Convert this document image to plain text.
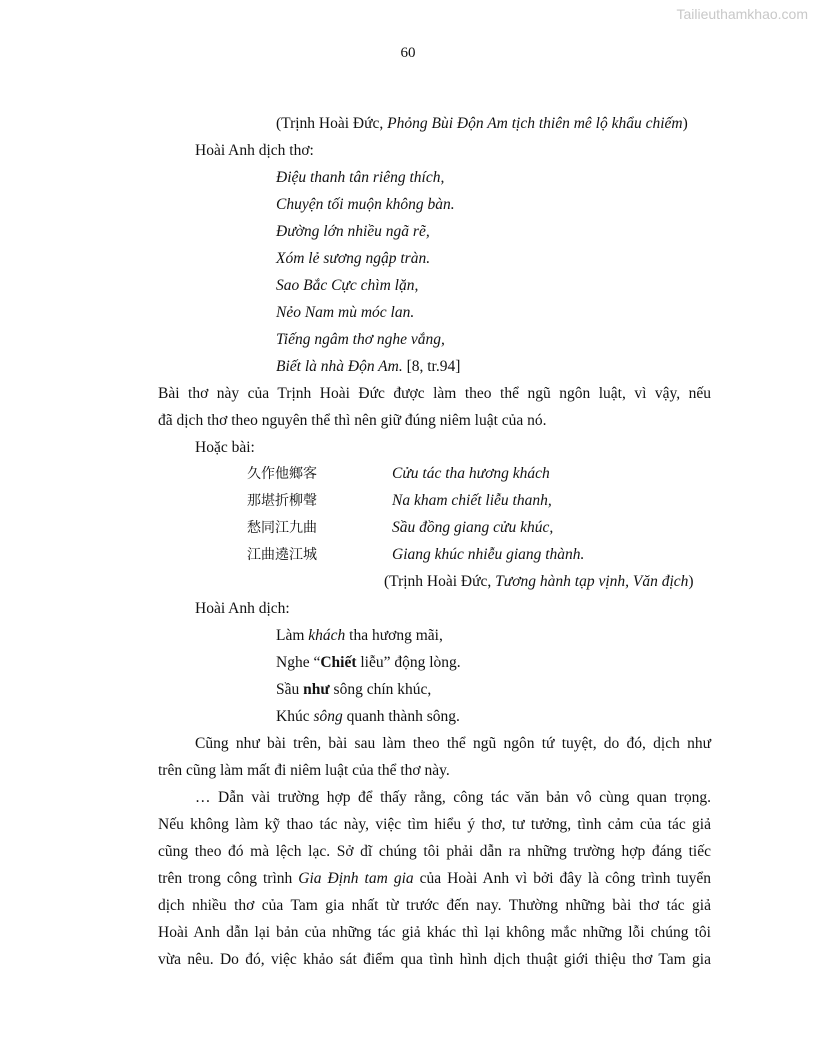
Tailieuthamkhao.com
60
(Trịnh Hoài Đức, Phỏng Bùi Độn Am tịch thiên mê lộ khẩu chiếm)
Hoài Anh dịch thơ:
Điệu thanh tân riêng thích,
Chuyện tối muộn không bàn.
Đường lớn nhiều ngã rẽ,
Xóm lẻ sương ngập tràn.
Sao Bắc Cực chìm lặn,
Nẻo Nam mù móc lan.
Tiếng ngâm thơ nghe vắng,
Biết là nhà Độn Am. [8, tr.94]
Bài thơ này của Trịnh Hoài Đức được làm theo thể ngũ ngôn luật, vì vậy, nếu
đã dịch thơ theo nguyên thể thì nên giữ đúng niêm luật của nó.
Hoặc bài:
久作他鄉客	Cửu tác tha hương khách
那堪折柳聲	Na kham chiết liễu thanh,
愁同江九曲	Sầu đồng giang cửu khúc,
江曲遶江城	Giang khúc nhiễu giang thành.
(Trịnh Hoài Đức, Tương hành tạp vịnh, Văn địch)
Hoài Anh dịch:
Làm khách tha hương mãi,
Nghe “Chiết liễu” động lòng.
Sầu như sông chín khúc,
Khúc sông quanh thành sông.
Cũng như bài trên, bài sau làm theo thể ngũ ngôn tứ tuyệt, do đó, dịch như
trên cũng làm mất đi niêm luật của thể thơ này.
… Dẫn vài trường hợp để thấy rằng, công tác văn bản vô cùng quan trọng.
Nếu không làm kỹ thao tác này, việc tìm hiểu ý thơ, tư tưởng, tình cảm của tác giả
cũng theo đó mà lệch lạc. Sở dĩ chúng tôi phải dẫn ra những trường hợp đáng tiếc
trên trong công trình Gia Định tam gia của Hoài Anh vì bởi đây là công trình tuyển
dịch nhiều thơ của Tam gia nhất từ trước đến nay. Thường những bài thơ tác giả
Hoài Anh dẫn lại bản của những tác giả khác thì lại không mắc những lỗi chúng tôi
vừa nêu. Do đó, việc khảo sát điểm qua tình hình dịch thuật giới thiệu thơ Tam gia
